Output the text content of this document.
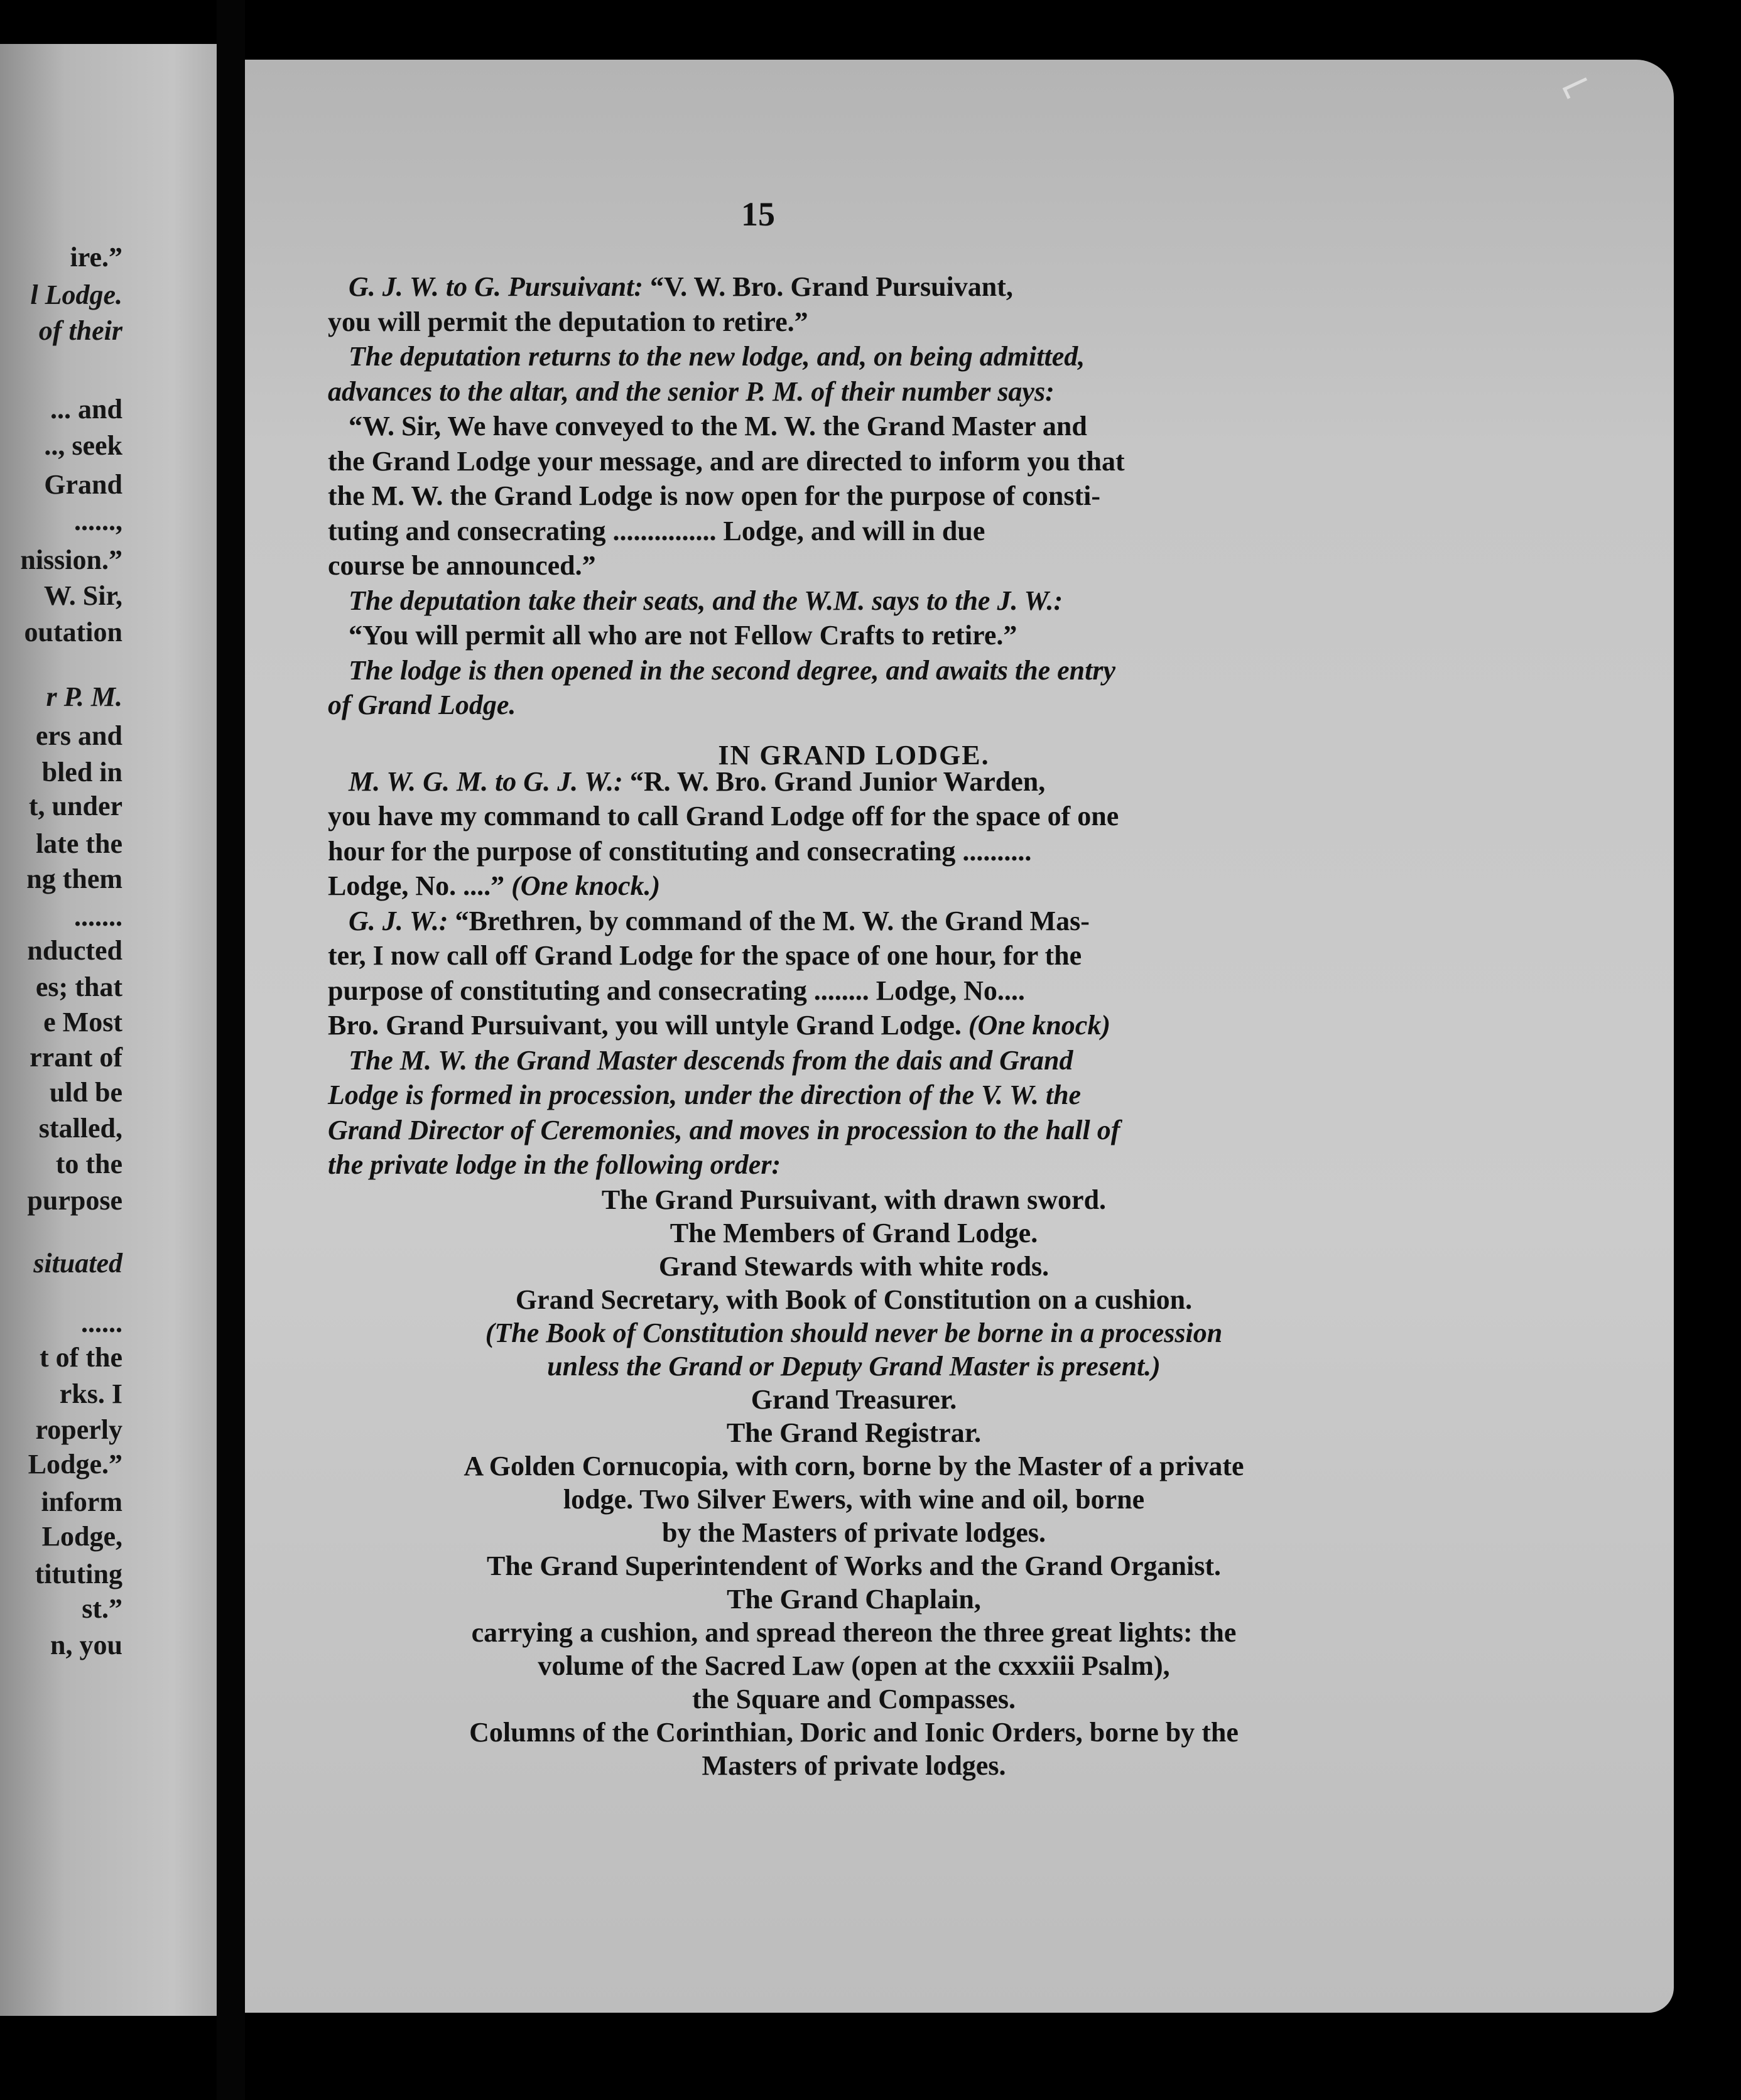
ire.”
l Lodge.
of their
... and
.., seek
Grand
......,
nission.”
W. Sir,
outation
r P. M.
ers and
bled in
t, under
late the
ng them
.......
nducted
es; that
e Most
rrant of
uld be
stalled,
to the
purpose
situated
......
t of the
rks. I
roperly
Lodge.”
inform
Lodge,
tituting
st.”
n, you
15
G. J. W. to G. Pursuivant: “V. W. Bro. Grand Pursuivant,
you will permit the deputation to retire.”
The deputation returns to the new lodge, and, on being admitted,
advances to the altar, and the senior P. M. of their number says:
“W. Sir, We have conveyed to the M. W. the Grand Master and
the Grand Lodge your message, and are directed to inform you that
the M. W. the Grand Lodge is now open for the purpose of consti-
tuting and consecrating ............... Lodge, and will in due
course be announced.”
The deputation take their seats, and the W.M. says to the J. W.:
“You will permit all who are not Fellow Crafts to retire.”
The lodge is then opened in the second degree, and awaits the entry
of Grand Lodge.
IN GRAND LODGE.
M. W. G. M. to G. J. W.: “R. W. Bro. Grand Junior Warden,
you have my command to call Grand Lodge off for the space of one
hour for the purpose of constituting and consecrating ..........
Lodge, No. ....” (One knock.)
G. J. W.: “Brethren, by command of the M. W. the Grand Mas-
ter, I now call off Grand Lodge for the space of one hour, for the
purpose of constituting and consecrating ........ Lodge, No....
Bro. Grand Pursuivant, you will untyle Grand Lodge. (One knock)
The M. W. the Grand Master descends from the dais and Grand
Lodge is formed in procession, under the direction of the V. W. the
Grand Director of Ceremonies, and moves in procession to the hall of
the private lodge in the following order:
The Grand Pursuivant, with drawn sword.
The Members of Grand Lodge.
Grand Stewards with white rods.
Grand Secretary, with Book of Constitution on a cushion.
(The Book of Constitution should never be borne in a procession
unless the Grand or Deputy Grand Master is present.)
Grand Treasurer.
The Grand Registrar.
A Golden Cornucopia, with corn, borne by the Master of a private
lodge. Two Silver Ewers, with wine and oil, borne
by the Masters of private lodges.
The Grand Superintendent of Works and the Grand Organist.
The Grand Chaplain,
carrying a cushion, and spread thereon the three great lights: the
volume of the Sacred Law (open at the cxxxiii Psalm),
the Square and Compasses.
Columns of the Corinthian, Doric and Ionic Orders, borne by the
Masters of private lodges.
